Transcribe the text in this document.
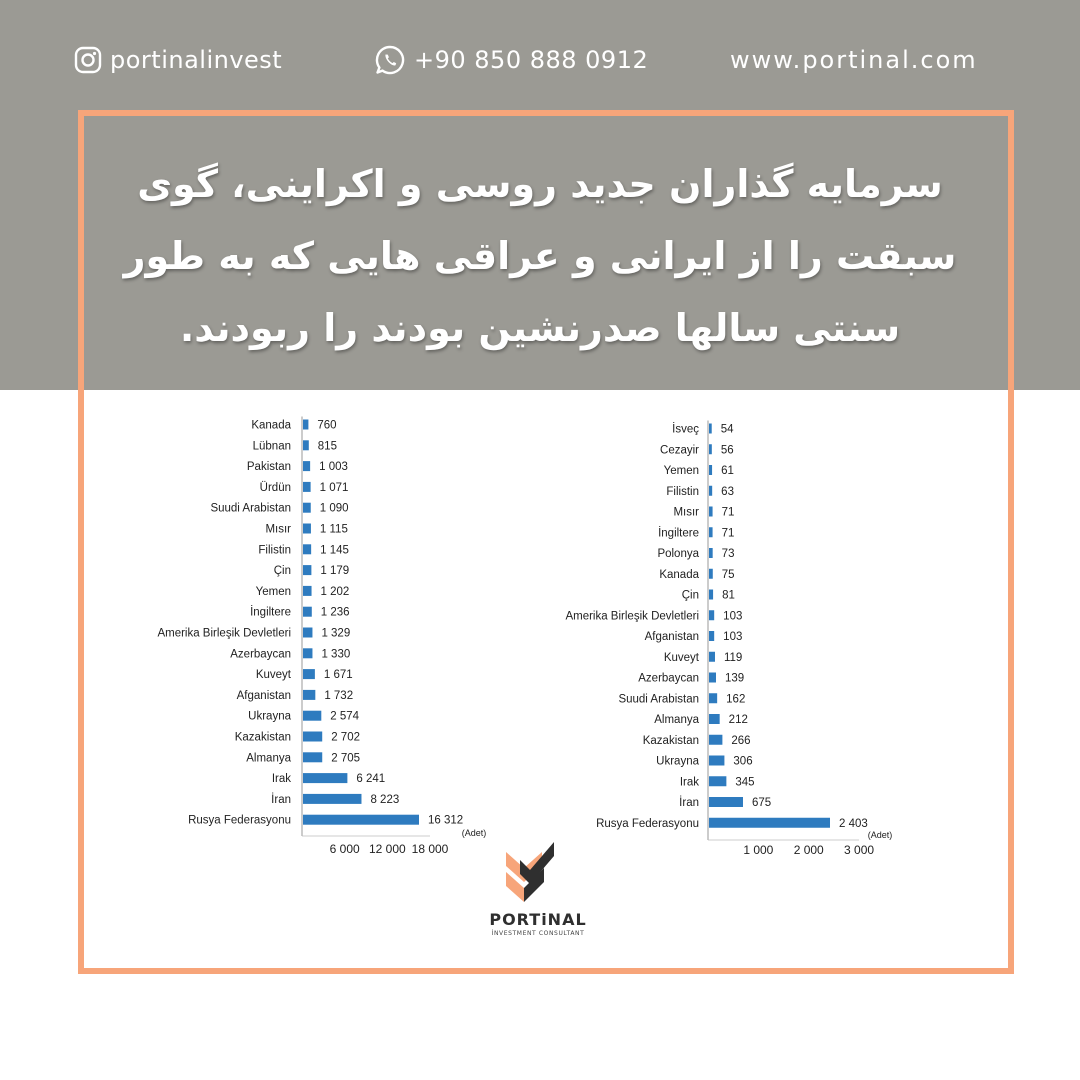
portinalinvest	+90 850 888 0912	www.portinal.com
سرمایه گذاران جدید روسی و اکراینی، گوی
سبقت را از ایرانی و عراقی هایی که به طور
سنتی سالها صدرنشین بودند را ربودند.
Kanada 760
Lübnan 815
Pakistan 1 003
Ürdün 1 071
Suudi Arabistan	1 090
Mısır	1 115
Filistin	1 145
Çin	1 179
Yemen	1 202
İngiltere	1 236
Amerika Birleşik Devletleri	1 329
Azerbaycan	1 330
Kuveyt	1 671
Afganistan	1 732
Ukrayna	2 574
Kazakistan	2 702
Almanya	2 705
Irak	6 241
İran	8 223
Rusya Federasyonu	16 312
6 000 12 000 18 000
(Adet)
İsveç 54
Cezayir 56
Yemen 61
Filistin 63
Mısır 71
İngiltere 71
Polonya 73
Kanada 75
Çin 81
Amerika Birleşik Devletleri 103
Afganistan 103
Kuveyt 119
Azerbaycan 139
Suudi Arabistan 162
Almanya	212
Kazakistan	266
Ukrayna	306
Irak	345
İran	675
Rusya Federasyonu	2 403
1 000 2 000 3 000
(Adet)
PORTiNAL
İNVESTMENT CONSULTANT
